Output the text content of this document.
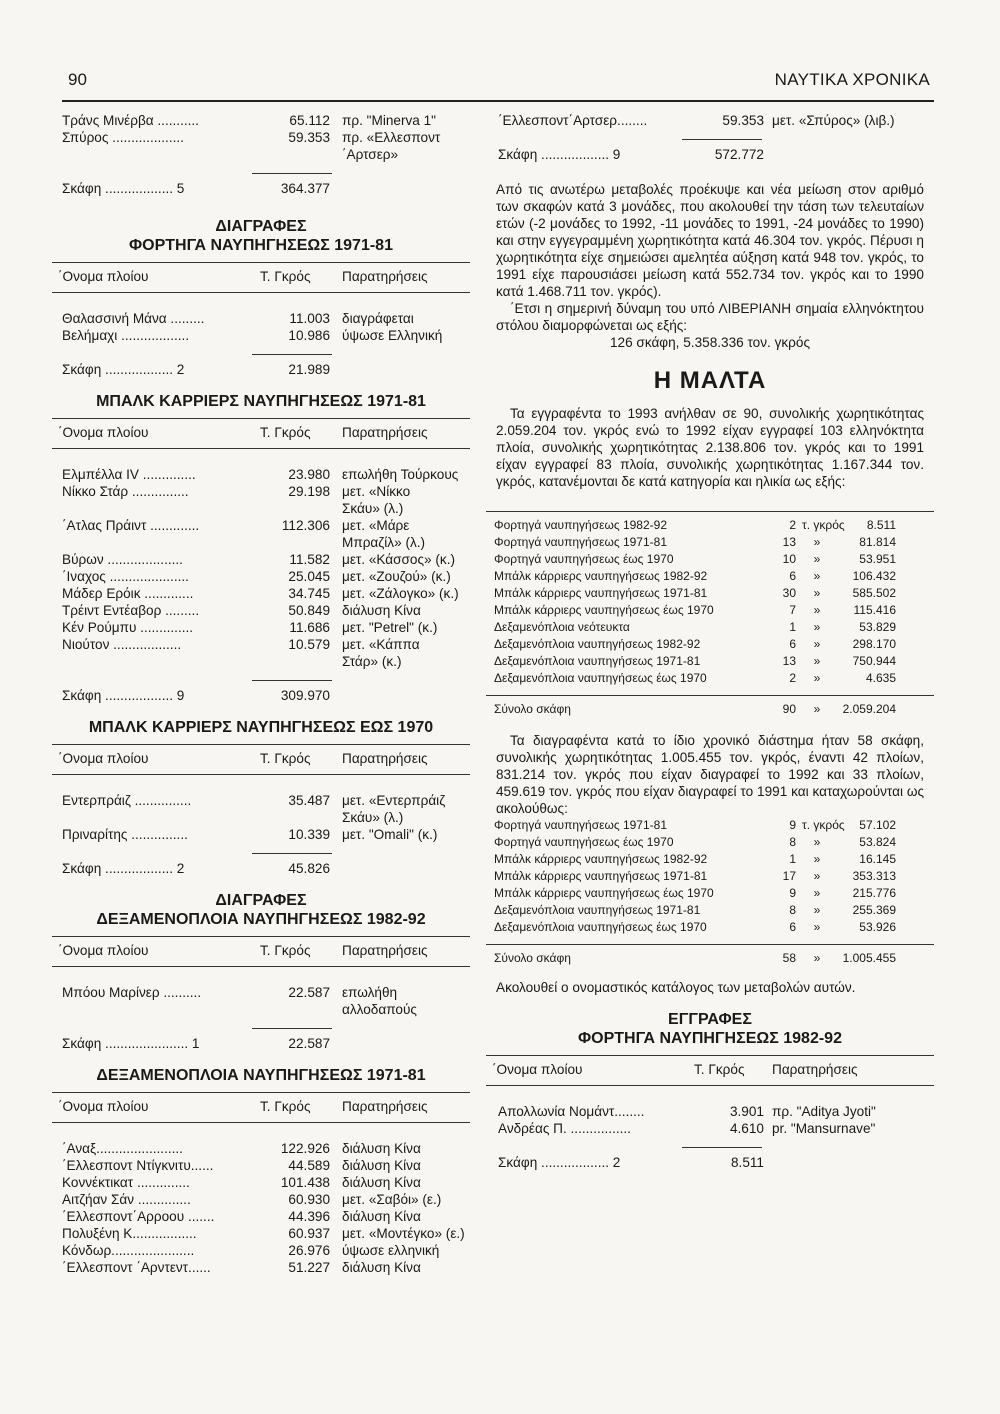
90	ΝΑΥΤΙΚΑ ΧΡΟΝΙΚΑ
Τράνς Μινέρβα ...........	65.112 πρ. "Minerva 1"
Σπύρος ...................	59.353 πρ. «Ελλεσποντ
΄Αρτσερ»
Σκάφη .................. 5	364.377
ΔΙΑΓΡΑΦΕΣ
ΦΟΡΤΗΓΑ ΝΑΥΠΗΓΗΣΕΩΣ 1971-81
΄Ονομα πλοίου	Τ. Γκρός Παρατηρήσεις
Θαλασσινή Μάνα .........	11.003 διαγράφεται
Βελήμαχι ..................	10.986 ύψωσε Ελληνική
Σκάφη .................. 2	21.989
ΜΠΑΛΚ ΚΑΡΡΙΕΡΣ ΝΑΥΠΗΓΗΣΕΩΣ 1971-81
΄Ονομα πλοίου	Τ. Γκρός Παρατηρήσεις
Ελμπέλλα IV ..............	23.980 επωλήθη Τούρκους
Νίκκο Στάρ ...............	29.198 μετ. «Νίκκο
Σκάυ» (λ.)
΄Ατλας Πράιντ .............	112.306 μετ. «Μάρε
Μπραζίλ» (λ.)
Βύρων ....................	11.582 μετ. «Κάσσος» (κ.)
΄Ιναχος .....................	25.045 μετ. «Ζουζού» (κ.)
Μάδερ Ερόικ .............	34.745 μετ. «Ζάλογκο» (κ.)
Τρέιντ Εντέαβορ .........	50.849 διάλυση Κίνα
Κέν Ρούμπυ ..............	11.686 μετ. "Petrel" (κ.)
Νιούτον ..................	10.579 μετ. «Κάππα
Στάρ» (κ.)
Σκάφη .................. 9	309.970
ΜΠΑΛΚ ΚΑΡΡΙΕΡΣ ΝΑΥΠΗΓΗΣΕΩΣ ΕΩΣ 1970
΄Ονομα πλοίου	Τ. Γκρός Παρατηρήσεις
Εντερπράιζ ...............	35.487 μετ. «Εντερπράιζ
Σκάυ» (λ.)
Πριναρίτης ...............	10.339 μετ. "Omali" (κ.)
Σκάφη .................. 2	45.826
ΔΙΑΓΡΑΦΕΣ
ΔΕΞΑΜΕΝΟΠΛΟΙΑ ΝΑΥΠΗΓΗΣΕΩΣ 1982-92
΄Ονομα πλοίου	Τ. Γκρός Παρατηρήσεις
Μπόου Μαρίνερ ..........	22.587 επωλήθη
αλλοδαπούς
Σκάφη ...................... 1	22.587
ΔΕΞΑΜΕΝΟΠΛΟΙΑ ΝΑΥΠΗΓΗΣΕΩΣ 1971-81
΄Ονομα πλοίου	Τ. Γκρός Παρατηρήσεις
΄Αναξ.......................	122.926 διάλυση Κίνα
΄Ελλεσποντ Ντίγκνιτυ......	44.589 διάλυση Κίνα
Κοννέκτικατ ..............	101.438 διάλυση Κίνα
Αιτζήαν Σάν ..............	60.930 μετ. «Σαβόι» (ε.)
΄Ελλεσποντ΄Αρροου .......	44.396 διάλυση Κίνα
Πολυξένη Κ.................	60.937 μετ. «Μοντέγκο» (ε.)
Κόνδωρ......................	26.976 ύψωσε ελληνική
΄Ελλεσποντ ΄Αρντεντ......	51.227 διάλυση Κίνα
΄Ελλεσποντ΄Αρτσερ........	59.353 μετ. «Σπύρος» (λιβ.)
Σκάφη .................. 9	572.772

Από τις ανωτέρω μεταβολές προέκυψε και νέα μείωση στον αριθμό των σκαφών κατά 3 μονάδες, που ακολουθεί την τάση των τελευταίων ετών (-2 μονάδες το 1992, -11 μονάδες το 1991, -24 μονάδες το 1990) και στην εγγεγραμμένη χωρητικότητα κατά 46.304 τον. γκρός. Πέρυσι η χωρητικότητα είχε σημειώσει αμελητέα αύξηση κατά 948 τον. γκρός, το 1991 είχε παρουσιάσει μείωση κατά 552.734 τον. γκρός και το 1990 κατά 1.468.711 τον. γκρός).

΄Ετσι η σημερινή δύναμη του υπό ΛΙΒΕΡΙΑΝΗ σημαία ελληνόκτητου στόλου διαμορφώνεται ως εξής:

126 σκάφη, 5.358.336 τον. γκρός
Η ΜΑΛΤΑ

Τα εγγραφέντα το 1993 ανήλθαν σε 90, συνολικής χωρητικότητας 2.059.204 τον. γκρός ενώ το 1992 είχαν εγγραφεί 103 ελληνόκτητα πλοία, συνολικής χωρητικότητας 2.138.806 τον. γκρός και το 1991 είχαν εγγραφεί 83 πλοία, συνολικής χωρητικότητας 1.167.344 τον. γκρός, κατανέμονται δε κατά κατηγορία και ηλικία ως εξής:

Φορτηγά ναυπηγήσεως 1982-92	2 τ. γκρός	8.511
Φορτηγά ναυπηγήσεως 1971-81	13	»	81.814
Φορτηγά ναυπηγήσεως έως 1970	10	»	53.951
Μπάλκ κάρριερς ναυπηγήσεως 1982-92	6	»	106.432
Μπάλκ κάρριερς ναυπηγήσεως 1971-81	30	»	585.502
Μπάλκ κάρριερς ναυπηγήσεως έως 1970	7	»	115.416
Δεξαμενόπλοια νεότευκτα	1	»	53.829
Δεξαμενόπλοια ναυπηγήσεως 1982-92	6	»	298.170
Δεξαμενόπλοια ναυπηγήσεως 1971-81	13	»	750.944
Δεξαμενόπλοια ναυπηγήσεως έως 1970	2	»	4.635
Σύνολο σκάφη	90	»	2.059.204

Τα διαγραφέντα κατά το ίδιο χρονικό διάστημα ήταν 58 σκάφη, συνολικής χωρητικότητας 1.005.455 τον. γκρός, έναντι 42 πλοίων, 831.214 τον. γκρός που είχαν διαγραφεί το 1992 και 33 πλοίων, 459.619 τον. γκρός που είχαν διαγραφεί το 1991 και καταχωρούνται ως ακολούθως:

Φορτηγά ναυπηγήσεως 1971-81	9 τ. γκρός	57.102
Φορτηγά ναυπηγήσεως έως 1970	8	»	53.824
Μπάλκ κάρριερς ναυπηγήσεως 1982-92	1	»	16.145
Μπάλκ κάρριερς ναυπηγήσεως 1971-81	17	»	353.313
Μπάλκ κάρριερς ναυπηγήσεως έως 1970	9	»	215.776
Δεξαμενόπλοια ναυπηγήσεως 1971-81	8	»	255.369
Δεξαμενόπλοια ναυπηγήσεως έως 1970	6	»	53.926
Σύνολο σκάφη	58	»	1.005.455

Ακολουθεί ο ονομαστικός κατάλογος των μεταβολών αυτών.

ΕΓΓΡΑΦΕΣ
ΦΟΡΤΗΓΑ ΝΑΥΠΗΓΗΣΕΩΣ 1982-92
΄Ονομα πλοίου	Τ. Γκρός Παρατηρήσεις
Απολλωνία Νομάντ........	3.901 πρ. "Aditya Jyoti"
Ανδρέας Π. ................	4.610 pr. "Mansurnave"
Σκάφη .................. 2	8.511
